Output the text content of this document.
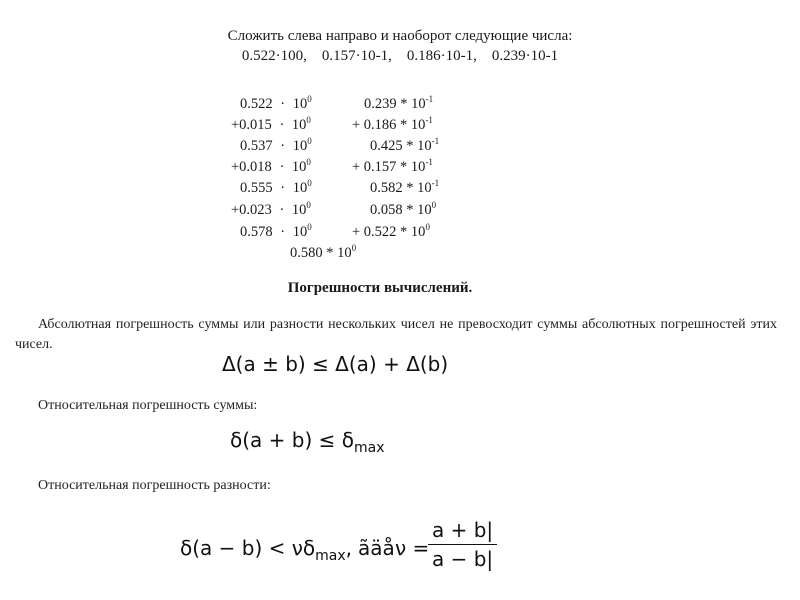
Сложить слева направо и наоборот следующие числа:
0.522·100,    0.157·10-1,    0.186·10-1,    0.239·10-1
$0.522 \cdot 10^0$
$+0.015 \cdot 10^0$
$0.537 \cdot 10^0$
$+0.018 \cdot 10^0$
$0.555 \cdot 10^0$
$+0.023 \cdot 10^0$
$0.578 \cdot 10^0$
$0.239 * 10^{-1}$
+ $0.186 * 10^{-1}$
$0.425 * 10^{-1}$
+ $0.157 * 10^{-1}$
$0.582 * 10^{-1}$
$0.058 * 10^0$
+ $0.522 * 10^0$
$0.580 * 10^0$
Погрешности вычислений.
Абсолютная погрешность суммы или разности нескольких чисел не превосходит суммы абсолютных погрешностей этих чисел.
Δ(a ± b) ≤ Δ(a) + Δ(b)
Относительная погрешность суммы:
$\delta(a + b) \le \delta_{max}$
Относительная погрешность разности:
$\delta(a - b) < \nu\delta_{max}$, ãäå ν =
$\frac{a + b|}{a - b|}$
